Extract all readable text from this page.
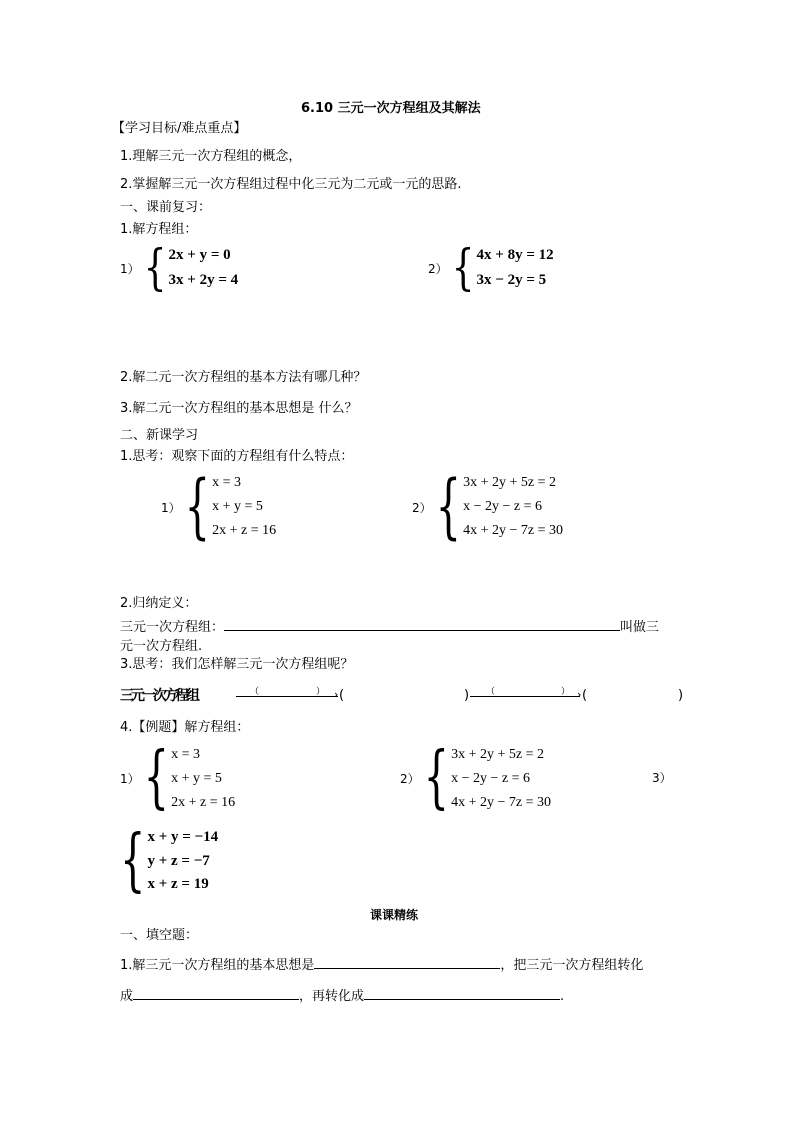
6.10 三元一次方程组及其解法
【学习目标/难点重点】
1.理解三元一次方程组的概念，
2.掌握解三元一次方程组过程中化三元为二元或一元的思路.
一、课前复习：
1.解方程组：
1） { 2x + y = 0
3x + 2y = 4
2） { 4x + 8y = 12
3x − 2y = 5
2.解二元一次方程组的基本方法有哪几种？
3.解二元一次方程组的基本思想是 什么？
二、新课学习
1.思考：观察下面的方程组有什么特点：
1） { x = 3
x + y = 5
2x + z = 16
2） { 3x + 2y + 5z = 2
x − 2y − z = 6
4x + 2y − 7z = 30
2.归纳定义：
三元一次方程组：	叫做三
元一次方程组.
3.思考：我们怎样解三元一次方程组呢？
三元一次方程组	›
（	） (	)	›
（	） (	)
4.【例题】解方程组：
1） { x = 3
x + y = 5
2x + z = 16
2） { 3x + 2y + 5z = 2
x − 2y − z = 6
4x + 2y − 7z = 30
3）
{ x + y = −14
y + z = −7
x + z = 19
课课精练
一、填空题：
1.解三元一次方程组的基本思想是	，把三元一次方程组转化
成	，再转化成	.
